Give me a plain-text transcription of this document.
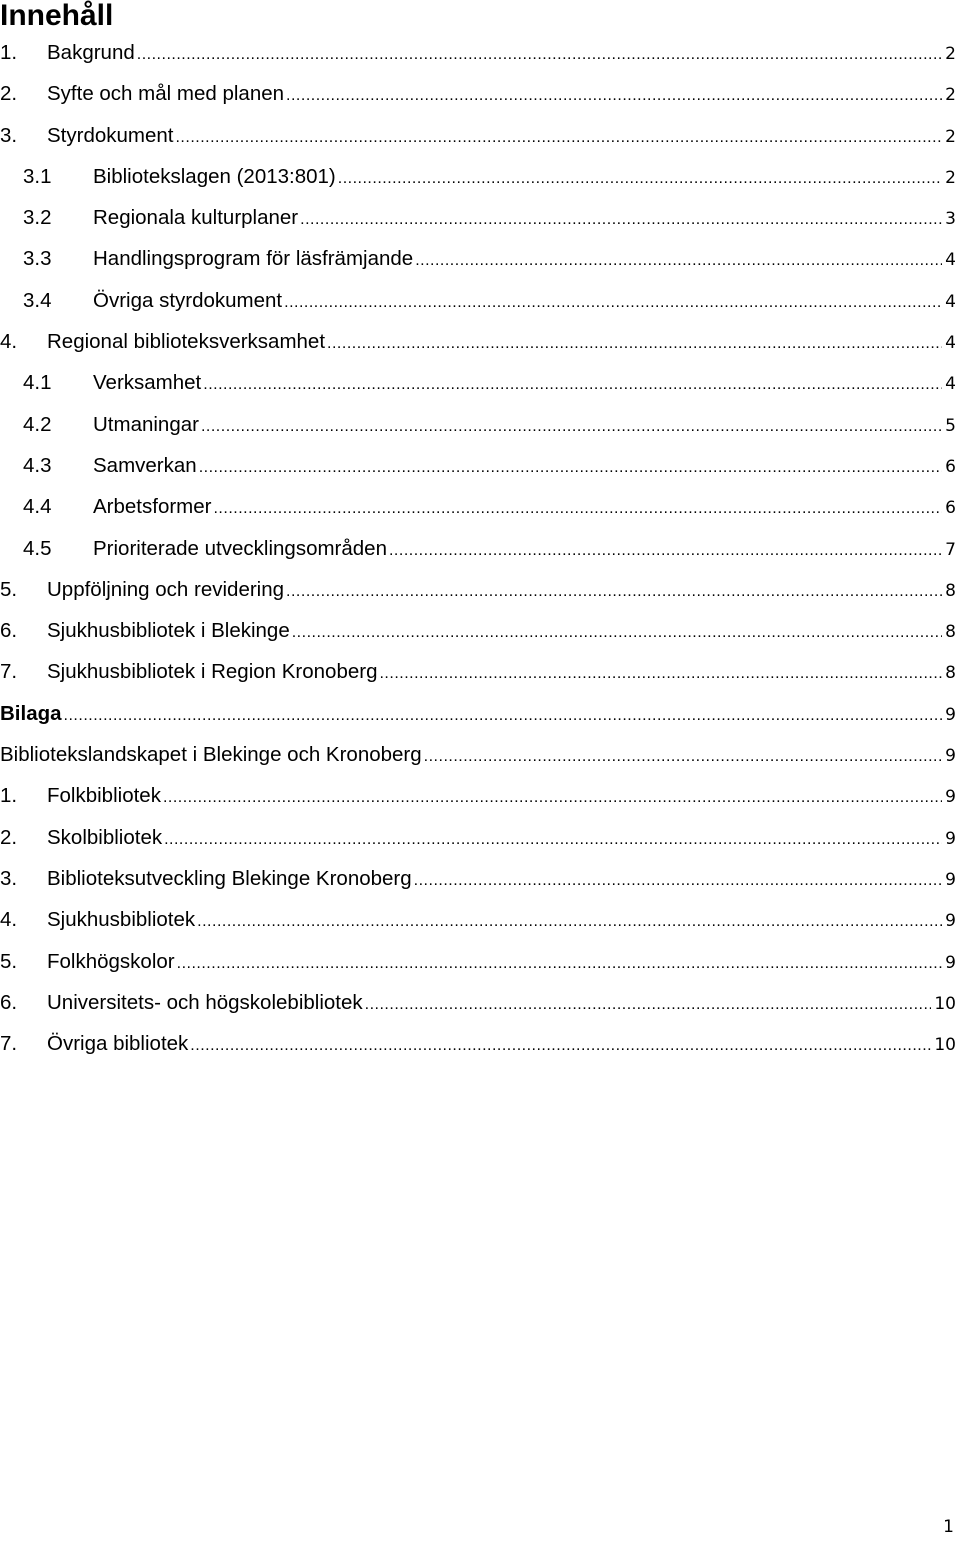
Innehåll
1.	Bakgrund .....	2
2.	Syfte och mål med planen .....	2
3.	Styrdokument .....	2
3.1	Bibliotekslagen (2013:801) .....	2
3.2	Regionala kulturplaner .....	3
3.3	Handlingsprogram för läsfrämjande .....	4
3.4	Övriga styrdokument .....	4
4.	Regional biblioteksverksamhet .....	4
4.1	Verksamhet .....	4
4.2	Utmaningar .....	5
4.3	Samverkan .....	6
4.4	Arbetsformer .....	6
4.5	Prioriterade utvecklingsområden .....	7
5.	Uppföljning och revidering .....	8
6.	Sjukhusbibliotek i Blekinge .....	8
7.	Sjukhusbibliotek i Region Kronoberg .....	8
Bilaga .....	9
Bibliotekslandskapet i Blekinge och Kronoberg .....	9
1.	Folkbibliotek .....	9
2.	Skolbibliotek .....	9
3.	Biblioteksutveckling Blekinge Kronoberg .....	9
4.	Sjukhusbibliotek .....	9
5.	Folkhögskolor .....	9
6.	Universitets- och högskolebibliotek .....	10
7.	Övriga bibliotek .....	10
1
